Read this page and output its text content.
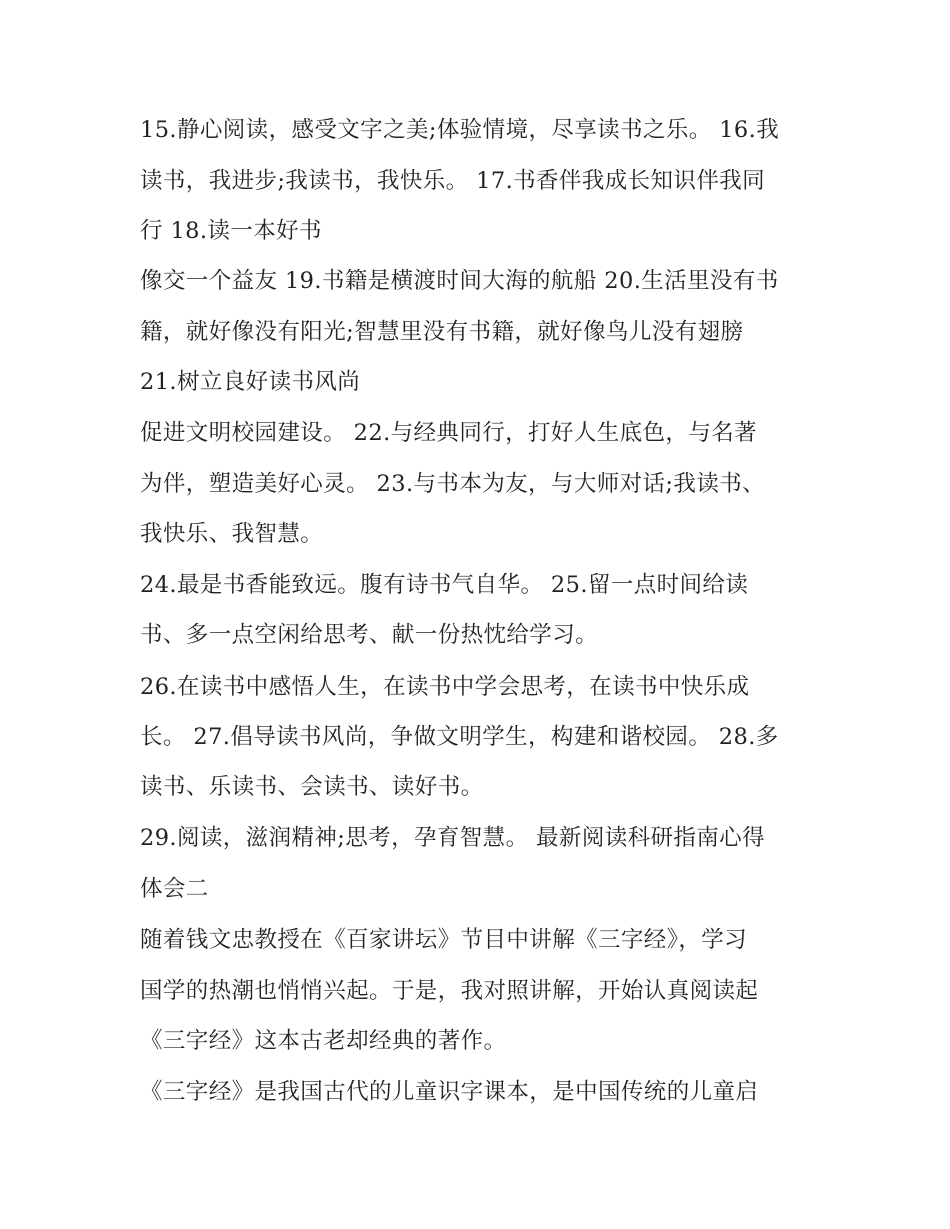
15.静心阅读，感受文字之美;体验情境，尽享读书之乐。 16.我
读书，我进步;我读书，我快乐。 17.书香伴我成长知识伴我同
行 18.读一本好书
像交一个益友 19.书籍是横渡时间大海的航船 20.生活里没有书
籍，就好像没有阳光;智慧里没有书籍，就好像鸟儿没有翅膀
21.树立良好读书风尚
促进文明校园建设。 22.与经典同行，打好人生底色，与名著
为伴，塑造美好心灵。 23.与书本为友，与大师对话;我读书、
我快乐、我智慧。
24.最是书香能致远。腹有诗书气自华。 25.留一点时间给读
书、多一点空闲给思考、献一份热忱给学习。
26.在读书中感悟人生，在读书中学会思考，在读书中快乐成
长。 27.倡导读书风尚，争做文明学生，构建和谐校园。 28.多
读书、乐读书、会读书、读好书。
29.阅读，滋润精神;思考，孕育智慧。 最新阅读科研指南心得
体会二
随着钱文忠教授在《百家讲坛》节目中讲解《三字经》，学习
国学的热潮也悄悄兴起。于是，我对照讲解，开始认真阅读起
《三字经》这本古老却经典的著作。
《三字经》是我国古代的儿童识字课本，是中国传统的儿童启
